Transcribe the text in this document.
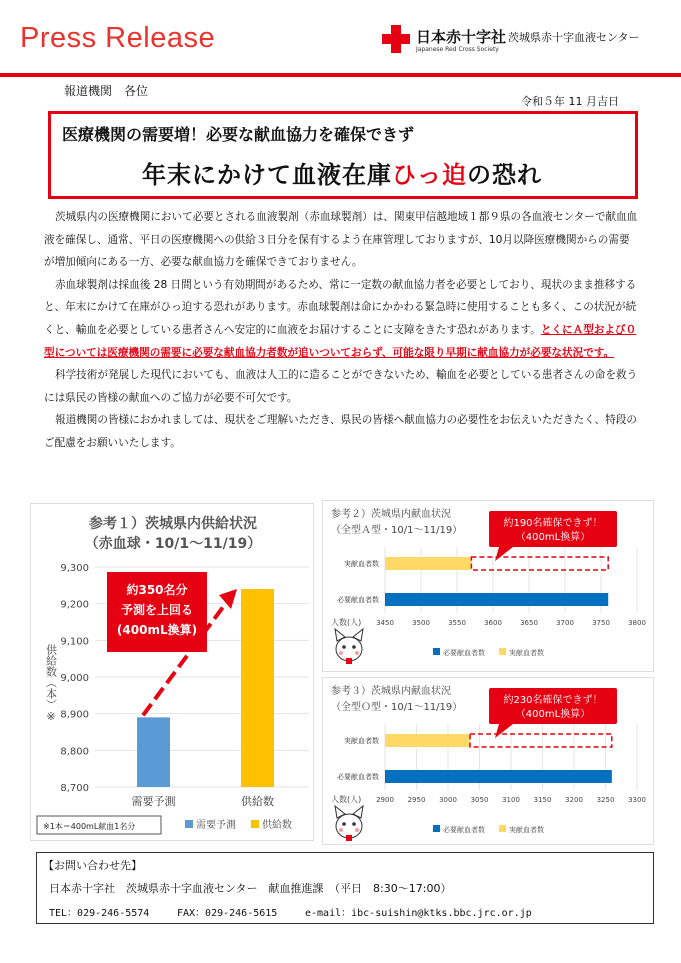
Press Release	日本赤十字社
Japanese Red Cross Society
茨城県赤十字血液センター
報道機関　各位
令和５年 11 月吉日
医療機関の需要増！必要な献血協力を確保できず
年末にかけて血液在庫ひっ迫の恐れ

茨城県内の医療機関において必要とされる血液製剤（赤血球製剤）は、関東甲信越地域１都９県の各血液センターで献血血液を確保し、通常、平日の医療機関への供給３日分を保有するよう在庫管理しておりますが、10月以降医療機関からの需要が増加傾向にある一方、必要な献血協力を確保できておりません。

赤血球製剤は採血後 28 日間という有効期間があるため、常に一定数の献血協力者を必要としており、現状のまま推移すると、年末にかけて在庫がひっ迫する恐れがあります。赤血球製剤は命にかかわる緊急時に使用することも多く、この状況が続くと、輸血を必要としている患者さんへ安定的に血液をお届けすることに支障をきたす恐れがあります。とくにＡ型および０型については医療機関の需要に必要な献血協力者数が追いついておらず、可能な限り早期に献血協力が必要な状況です。

科学技術が発展した現代においても、血液は人工的に造ることができないため、輸血を必要としている患者さんの命を救うには県民の皆様の献血へのご協力が必要不可欠です。

報道機関の皆様におかれましては、現状をご理解いただき、県民の皆様へ献血協力の必要性をお伝えいただきたく、特段のご配慮をお願いいたします。

参考１）茨城県内供給状況
（赤血球・10/1～11/19）
8,700
8,800
8,900
9,000
9,100
9,200
9,300
供給数（本）※
需要予測	供給数
約350名分予測を上回る(400mL換算)
※1本＝400mL献血1名分	需要予測	供給数
参考２）茨城県内献血状況
（全型Ａ型・10/1～11/19）
3450	3500	3550	3600	3650	3700	3750	3800
人数(人)
実献血者数
必要献血者数
約190名確保できず！（400mL換算）
必要献血者数	実献血者数
参考３）茨城県内献血状況
（全型Ｏ型・10/1～11/19）
2900 2950 3000 3050 3100 3150 3200 3250 3300
人数(人)
実献血者数
必要献血者数
約230名確保できず！（400mL換算）
必要献血者数	実献血者数
【お問い合わせ先】
日本赤十字社　茨城県赤十字血液センター　献血推進課　（平日　8:30～17:00）
TEL：029-246-5574	FAX：029-246-5615	e-mail：ibc-suishin@ktks.bbc.jrc.or.jp
